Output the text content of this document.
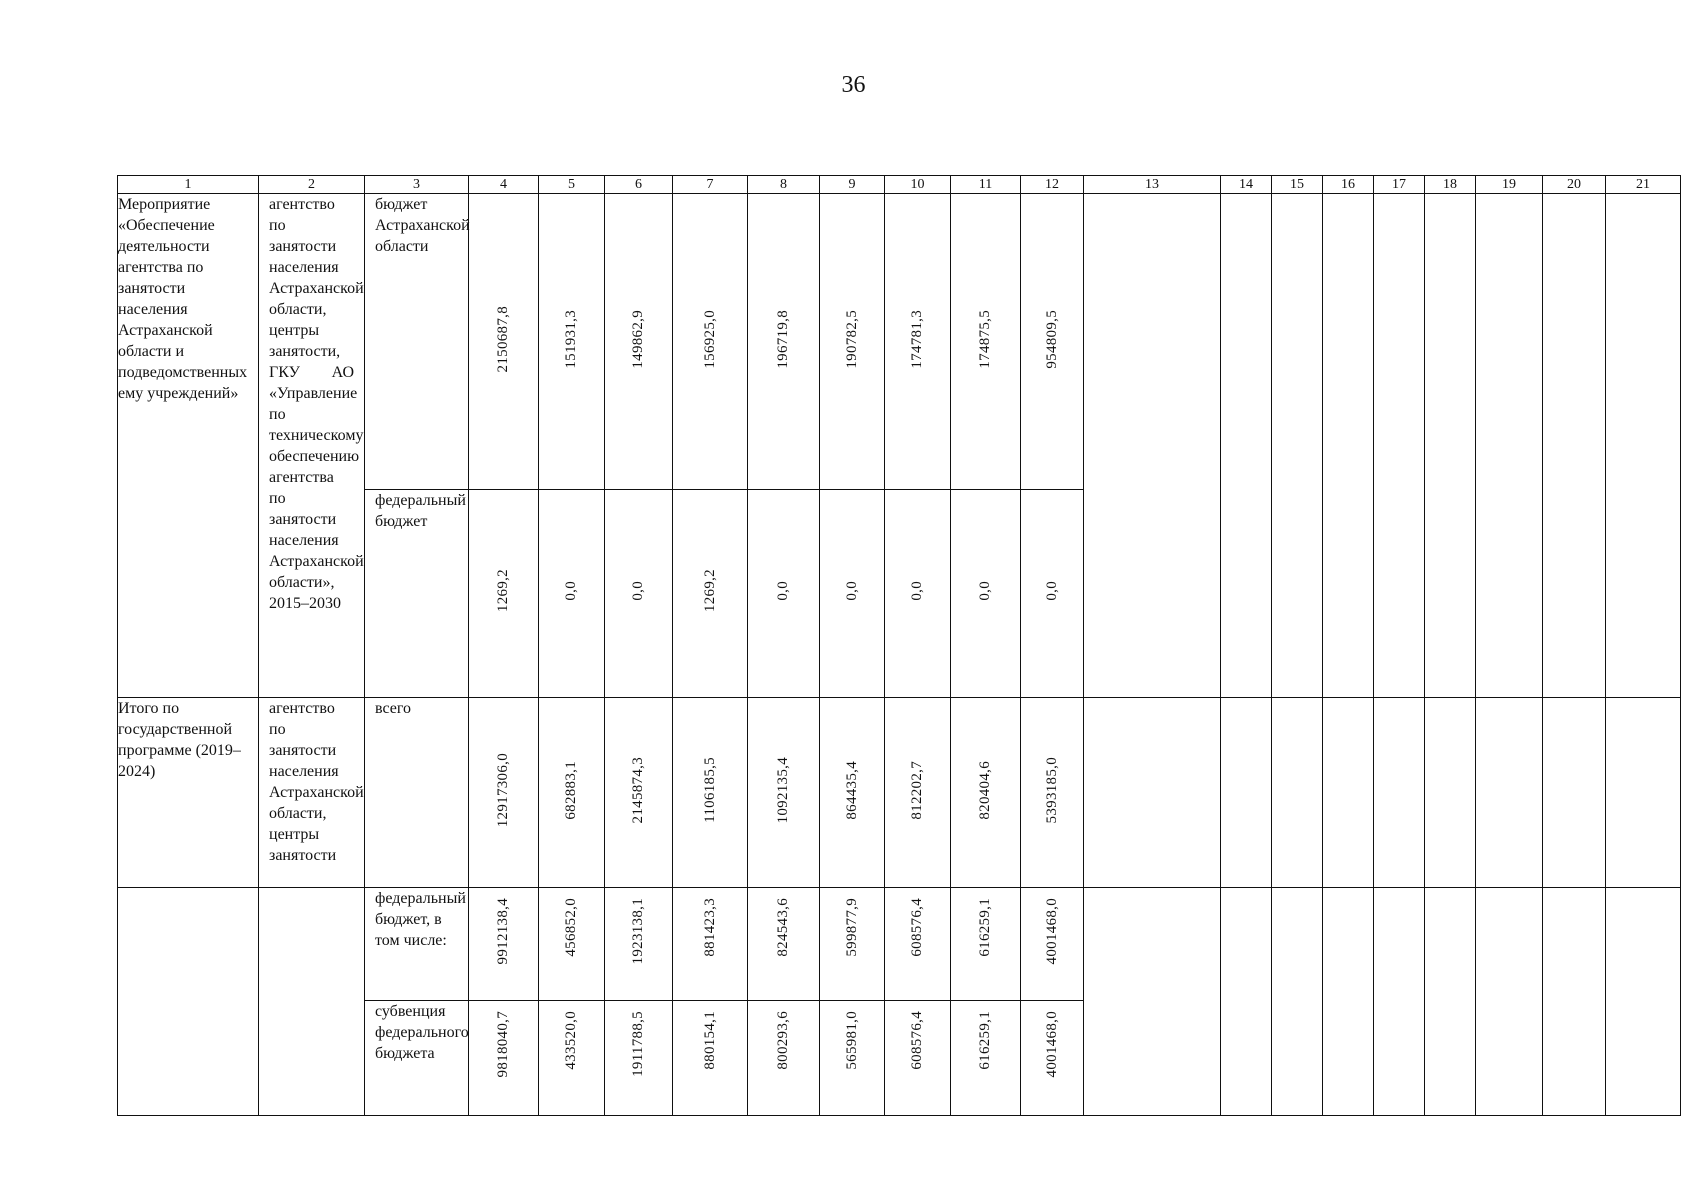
36
1	2	3	4	5	6	7	8	9	10	11	12	13	14	15	16	17	18	19	20	21
Мероприятие «Обеспечение деятельности агентства по занятости населения Астраханской области и подведомственных ему учреждений»	агентство по занятости населения Астраханской области, центры занятости, ГКУ АО «Управление по техническому обеспечению агентства по занятости населения Астраханской области», 2015–2030	бюджет Астраханской области	2150687,8	151931,3	149862,9	156925,0	196719,8	190782,5	174781,3	174875,5	954809,5									
		федеральный бюджет	1269,2	0,0	0,0	1269,2	0,0	0,0	0,0	0,0	0,0									
Итого по государственной программе (2019–2024)	агентство по занятости населения Астраханской области, центры занятости	всего	12917306,0	682883,1	2145874,3	1106185,5	1092135,4	864435,4	812202,7	820404,6	5393185,0									
		федеральный бюджет, в том числе:	9912138,4	456852,0	1923138,1	881423,3	824543,6	599877,9	608576,4	616259,1	4001468,0									
		субвенция федерального бюджета	9818040,7	433520,0	1911788,5	880154,1	800293,6	565981,0	608576,4	616259,1	4001468,0									
